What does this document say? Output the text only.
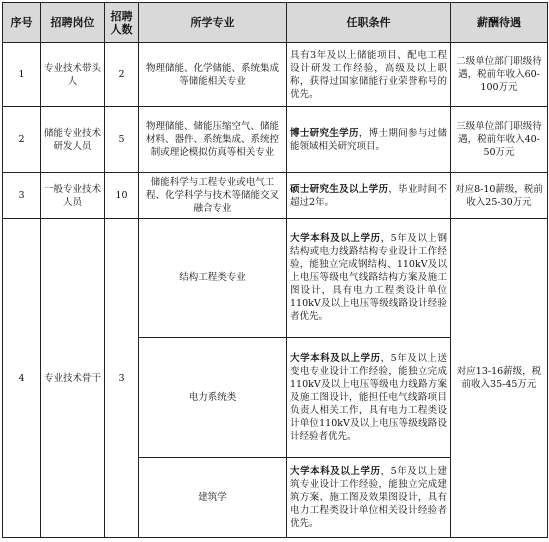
序号	招聘岗位	招聘人数	所学专业	任职条件	薪酬待遇
1	专业技术带头人	2	物理储能、化学储能、系统集成等储能相关专业	具有3年及以上储能项目、配电工程设计研发工作经验，高级及以上职称，获得过国家储能行业荣誉称号的优先。	二级单位部门职级待遇，税前年收入60-100万元
2	储能专业技术研发人员	5	物理储能、储能压缩空气、储能材料、器件、系统集成、系统控制或理论模拟仿真等相关专业	博士研究生学历，博士期间参与过储能领域相关研究项目。	三级单位部门职级待遇，税前年收入40-50万元
3	一般专业技术人员	10	储能科学与工程专业或电气工程、化学科学与技术等储能交叉融合专业	硕士研究生及以上学历，毕业时间不超过2年。	对应8-10薪级，税前收入25-30万元
4	专业技术骨干	3	结构工程类专业	大学本科及以上学历，5年及以上钢结构或电力线路结构专业设计工作经验，能独立完成钢结构、110kV及以上电压等级电气线路结构方案及施工图设计，具有电力工程类设计单位110kV及以上电压等级线路设计经验者优先。	对应13-16薪级，税前收入35-45万元
			电力系统类	大学本科及以上学历，5年及以上送变电专业设计工作经验，能独立完成110kV及以上电压等级电力线路方案及施工图设计，能担任电气线路项目负责人相关工作，具有电力工程类设计单位110kV及以上电压等级线路设计经验者优先。	
			建筑学	大学本科及以上学历，5年及以上建筑专业设计工作经验，能独立完成建筑方案、施工图及效果图设计，具有电力工程类设计单位相关设计经验者优先。	
